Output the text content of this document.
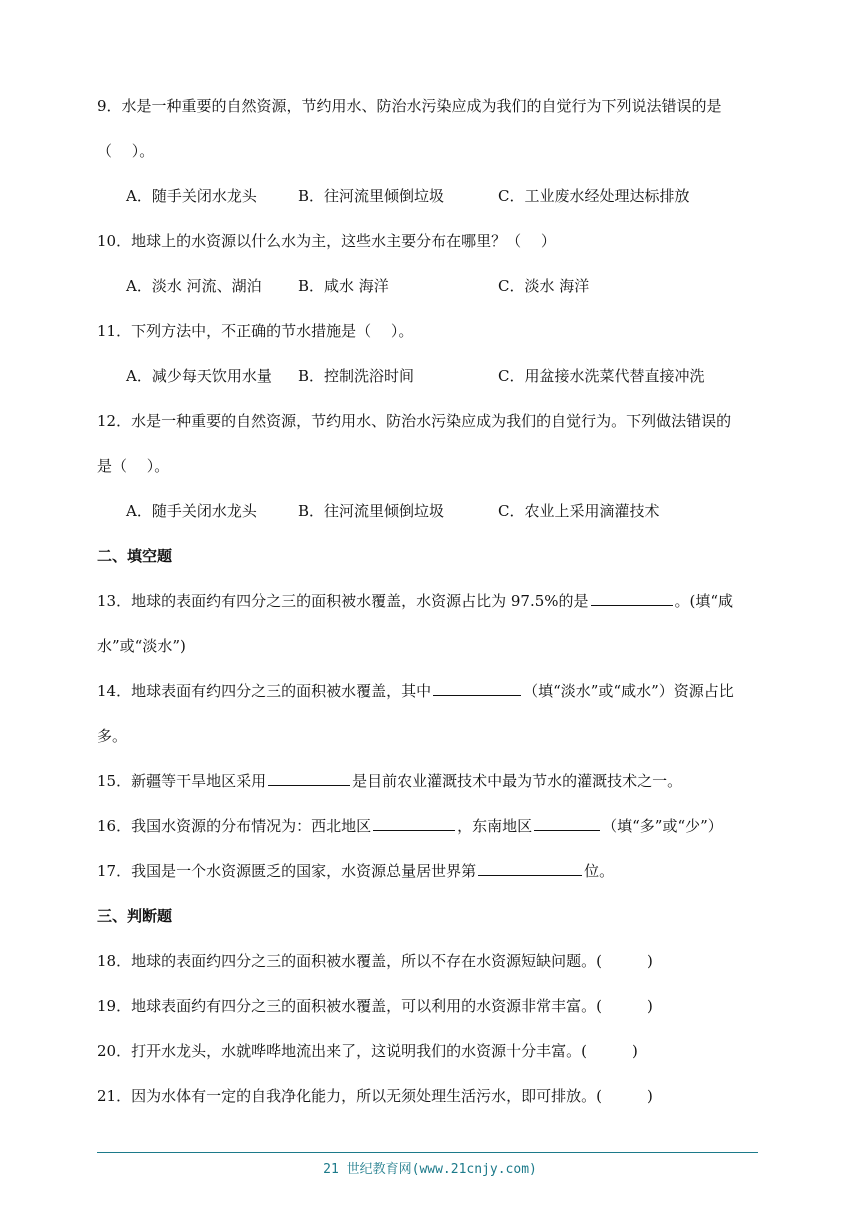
9．水是一种重要的自然资源，节约用水、防治水污染应成为我们的自觉行为下列说法错误的是
（　 ）。
A．随手关闭水龙头	B．往河流里倾倒垃圾	C．工业废水经处理达标排放
10．地球上的水资源以什么水为主，这些水主要分布在哪里？（　 ）
A．淡水 河流、湖泊 B．咸水 海洋	C．淡水 海洋
11．下列方法中，不正确的节水措施是（　 ）。
A．减少每天饮用水量 B．控制洗浴时间	C．用盆接水洗菜代替直接冲洗
12．水是一种重要的自然资源，节约用水、防治水污染应成为我们的自觉行为。下列做法错误的
是（　 ）。
A．随手关闭水龙头	B．往河流里倾倒垃圾	C．农业上采用滴灌技术
二、填空题
13．地球的表面约有四分之三的面积被水覆盖，水资源占比为 97.5%的是	。(填“咸
水”或“淡水”)
14．地球表面有约四分之三的面积被水覆盖，其中	（填“淡水”或“咸水”）资源占比
多。
15．新疆等干旱地区采用	是目前农业灌溉技术中最为节水的灌溉技术之一。
16．我国水资源的分布情况为：西北地区	，东南地区	（填“多”或“少”）
17．我国是一个水资源匮乏的国家，水资源总量居世界第	位。
三、判断题
18．地球的表面约四分之三的面积被水覆盖，所以不存在水资源短缺问题。(　　　)
19．地球表面约有四分之三的面积被水覆盖，可以利用的水资源非常丰富。(　　　)
20．打开水龙头，水就哗哗地流出来了，这说明我们的水资源十分丰富。(　　　)
21．因为水体有一定的自我净化能力，所以无须处理生活污水，即可排放。(　　　)
21 世纪教育网(www.21cnjy.com)
